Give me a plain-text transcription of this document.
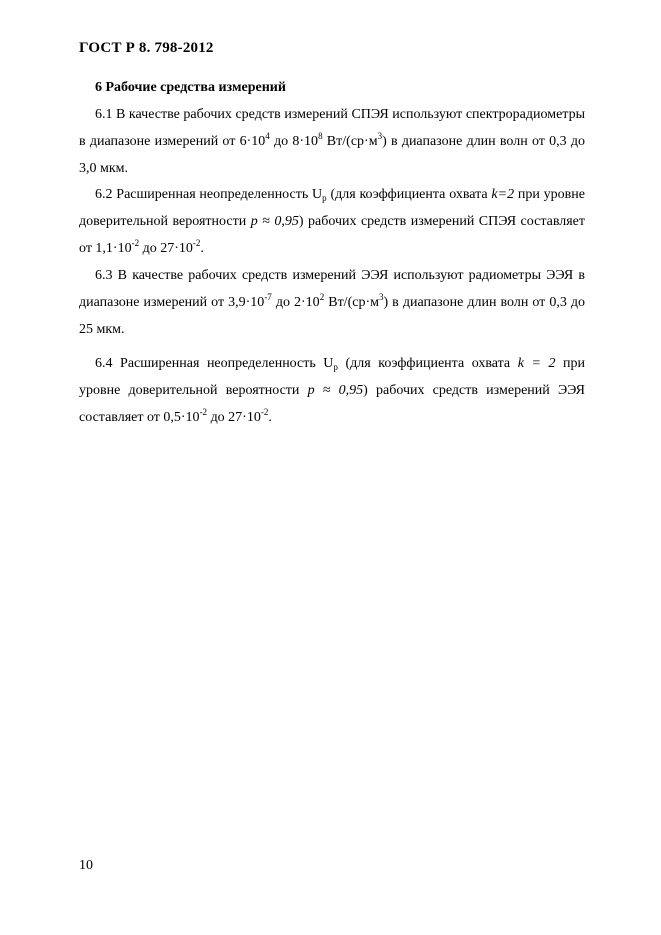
ГОСТ Р 8. 798-2012
6 Рабочие средства измерений

6.1 В качестве рабочих средств измерений СПЭЯ используют спектрорадиометры в диапазоне измерений от $6\cdot 10^4$ до $8\cdot 10^8$ $Вт/(ср\cdot м^3)$ в диапазоне длин волн от 0,3 до 3,0 мкм.

6.2 Расширенная неопределенность $U_p$ (для коэффициента охвата k=2 при уровне доверительной вероятности p ≈ 0,95) рабочих средств измерений СПЭЯ составляет от $1,1\cdot 10^{-2}$ до $27\cdot 10^{-2}$.

6.3 В качестве рабочих средств измерений ЭЭЯ используют радиометры ЭЭЯ в диапазоне измерений от $3,9\cdot 10^{-7}$ до $2\cdot 10^2$ $Вт/(ср\cdot м^3)$ в диапазоне длин волн от 0,3 до 25 мкм.

6.4 Расширенная неопределенность $U_p$ (для коэффициента охвата k = 2 при уровне доверительной вероятности p ≈ 0,95) рабочих средств измерений ЭЭЯ составляет от $0,5\cdot 10^{-2}$ до $27\cdot 10^{-2}$.

10
